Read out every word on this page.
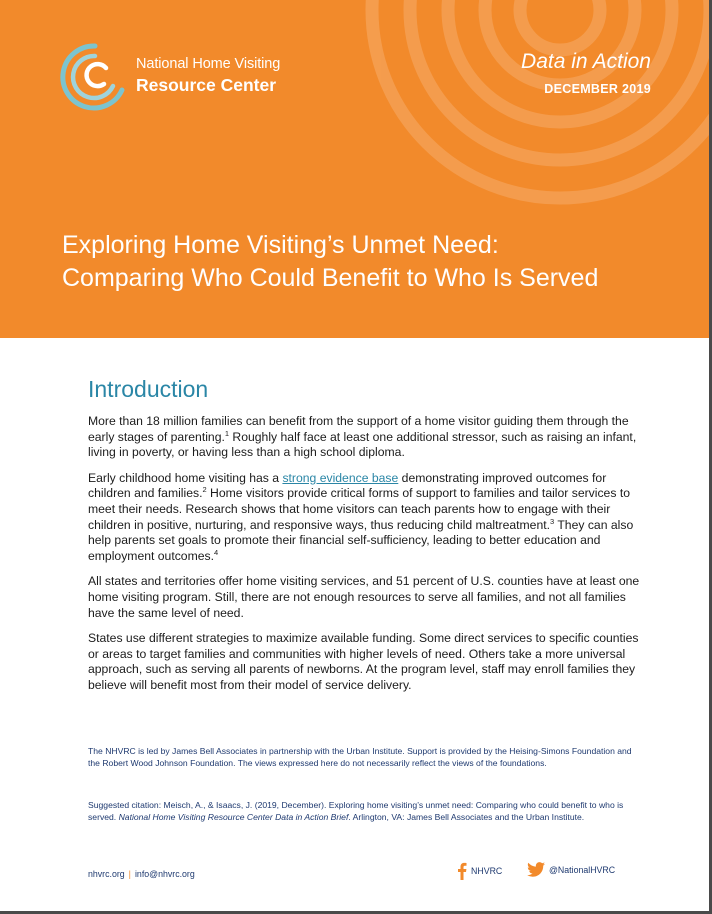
National Home Visiting
Resource Center
Data in Action
DECEMBER 2019
Exploring Home Visiting’s Unmet Need:
Comparing Who Could Benefit to Who Is Served
Introduction

More than 18 million families can benefit from the support of a home visitor guiding them through the early stages of parenting.$^1$ Roughly half face at least one additional stressor, such as raising an infant, living in poverty, or having less than a high school diploma.

Early childhood home visiting has a strong evidence base demonstrating improved outcomes for children and families.$^2$ Home visitors provide critical forms of support to families and tailor services to meet their needs. Research shows that home visitors can teach parents how to engage with their children in positive, nurturing, and responsive ways, thus reducing child maltreatment.$^3$ They can also help parents set goals to promote their financial self-sufficiency, leading to better education and employment outcomes.$^4$

All states and territories offer home visiting services, and 51 percent of U.S. counties have at least one home visiting program. Still, there are not enough resources to serve all families, and not all families have the same level of need.

States use different strategies to maximize available funding. Some direct services to specific counties or areas to target families and communities with higher levels of need. Others take a more universal approach, such as serving all parents of newborns. At the program level, staff may enroll families they believe will benefit most from their model of service delivery.

The NHVRC is led by James Bell Associates in partnership with the Urban Institute. Support is provided by the Heising-Simons Foundation and the Robert Wood Johnson Foundation. The views expressed here do not necessarily reflect the views of the foundations.
Suggested citation: Meisch, A., & Isaacs, J. (2019, December). Exploring home visiting’s unmet need: Comparing who could benefit to who is served. National Home Visiting Resource Center Data in Action Brief. Arlington, VA: James Bell Associates and the Urban Institute.
nhvrc.org | info@nhvrc.org	NHVRC	@NationalHVRC
